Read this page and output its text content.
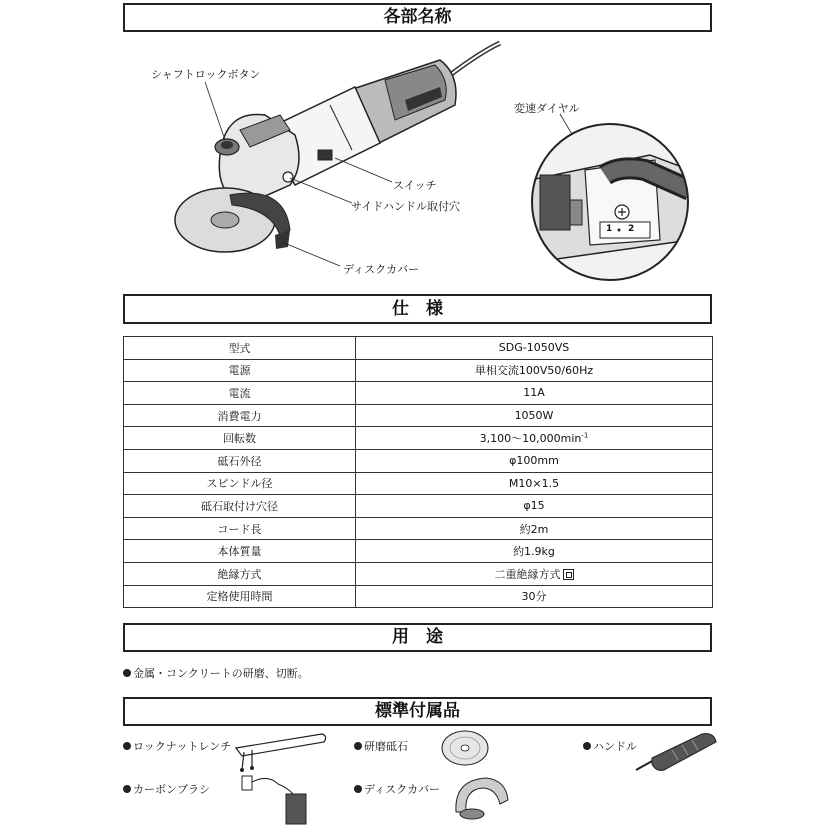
各部名称
シャフトロックボタン
スイッチ
サイドハンドル取付穴
ディスクカバー
変速ダイヤル
1 2
仕　様
型式	SDG-1050VS
電源	単相交流100V50/60Hz
電流	11A
消費電力	1050W
回転数	$3,100\sim 10,000\min^{-1}$
砥石外径	φ100mm
スピンドル径	M10×1.5
砥石取付け穴径	φ15
コード長	約2m
本体質量	約1.9kg
絶縁方式	二重絶縁方式
定格使用時間	30分
用　途
金属・コンクリートの研磨、切断。
標準付属品
ロックナットレンチ	研磨砥石	ハンドル
カーボンブラシ	ディスクカバー
